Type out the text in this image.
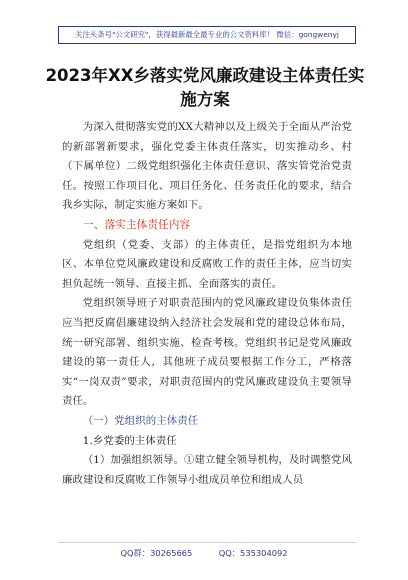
关注头条号"公文研究"，获得最新最全最专业的公文资料库！ 微信：gongwenyj
2023年XX乡落实党风廉政建设主体责任实施方案

为深入贯彻落实党的XX大精神以及上级关于全面从严治党的新部署新要求，强化党委主体责任落实，切实推动乡、村（下属单位）二级党组织强化主体责任意识、落实管党治党责任。按照工作项目化、项目任务化、任务责任化的要求，结合我乡实际，制定实施方案如下。

一、落实主体责任内容

党组织（党委、支部）的主体责任，是指党组织为本地区、本单位党风廉政建设和反腐败工作的责任主体，应当切实担负起统一领导、直接主抓、全面落实的责任。

党组织领导班子对职责范围内的党风廉政建设负集体责任应当把反腐倡廉建设纳入经济社会发展和党的建设总体布局，统一研究部署、组织实施、检查考核。党组织书记是党风廉政建设的第一责任人，其他班子成员要根据工作分工，严格落实“一岗双责”要求，对职责范围内的党风廉政建设负主要领导责任。

（一）党组织的主体责任

1.乡党委的主体责任

（1）加强组织领导。①建立健全领导机构，及时调整党风廉政建设和反腐败工作领导小组成员单位和组成人员

QQ群：30265665          QQ：535304092
